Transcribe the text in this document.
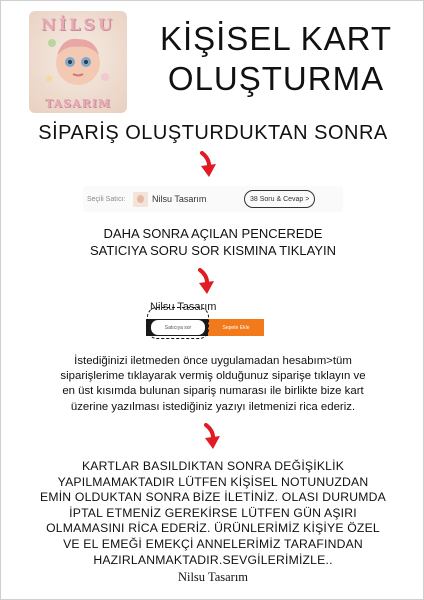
NİLSU
TASARIM
KİŞİSEL KART
OLUŞTURMA
SİPARİŞ OLUŞTURDUKTAN SONRA
Seçili Satıcı:	Nilsu Tasarım	38 Soru & Cevap >
DAHA SONRA AÇILAN PENCEREDE
SATICIYA SORU SOR KISMINA TIKLAYIN
Nilsu Tasarım
Satıcıya sor	Sepete Ekle
İstediğinizi iletmeden önce uygulamadan hesabım>tüm
siparişlerime tıklayarak vermiş olduğunuz siparişe tıklayın ve
en üst kısımda bulunan sipariş numarası ile birlikte bize kart
üzerine yazılması istediğiniz yazıyı iletmenizi rica ederiz.
KARTLAR BASILDIKTAN SONRA DEĞİŞİKLİK
YAPILMAMAKTADIR LÜTFEN KİŞİSEL NOTUNUZDAN
EMİN OLDUKTAN SONRA BİZE İLETİNİZ. OLASI DURUMDA
İPTAL ETMENİZ GEREKİRSE LÜTFEN GÜN AŞIRI
OLMAMASINI RİCA EDERİZ. ÜRÜNLERİMİZ KİŞİYE ÖZEL
VE EL EMEĞİ EMEKÇİ ANNELERİMİZ TARAFINDAN
HAZIRLANMAKTADIR.SEVGİLERİMİZLE..
Nilsu Tasarım
